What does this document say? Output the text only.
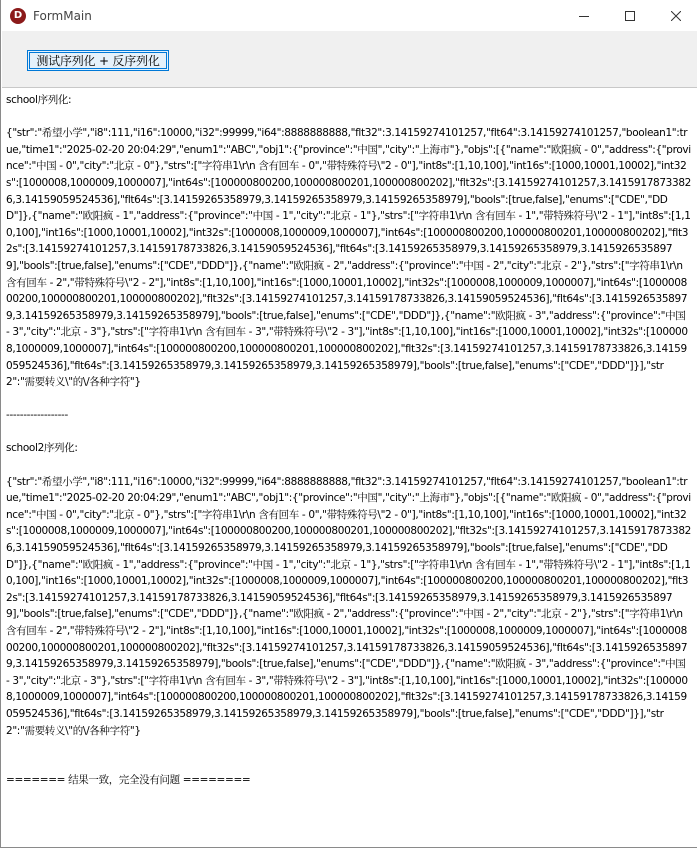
D FormMain
测试序列化 + 反序列化
school序列化:
{"str":"希望小学","i8":111,"i16":10000,"i32":99999,"i64":8888888888,"flt32":3.14159274101257,"flt64":3.14159274101257,"boolean1":true,"time1":"2025-02-20 20:04:29","enum1":"ABC","obj1":{"province":"中国","city":"上海市"},"objs":[{"name":"欧阳疯 - 0","address":{"province":"中国 - 0","city":"北京 - 0"},"strs":["字符串1\r\n 含有回车 - 0","带特殊符号\"2 - 0"],"int8s":[1,10,100],"int16s":[1000,10001,10002],"int32s":[1000008,1000009,1000007],"int64s":[100000800200,100000800201,100000800202],"flt32s":[3.14159274101257,3.14159178733826,3.14159059524536],"flt64s":[3.14159265358979,3.14159265358979,3.14159265358979],"bools":[true,false],"enums":["CDE","DDD"]},{"name":"欧阳疯 - 1","address":{"province":"中国 - 1","city":"北京 - 1"},"strs":["字符串1\r\n 含有回车 - 1","带特殊符号\"2 - 1"],"int8s":[1,10,100],"int16s":[1000,10001,10002],"int32s":[1000008,1000009,1000007],"int64s":[100000800200,100000800201,100000800202],"flt32s":[3.14159274101257,3.14159178733826,3.14159059524536],"flt64s":[3.14159265358979,3.14159265358979,3.14159265358979],"bools":[true,false],"enums":["CDE","DDD"]},{"name":"欧阳疯 - 2","address":{"province":"中国 - 2","city":"北京 - 2"},"strs":["字符串1\r\n 含有回车 - 2","带特殊符号\"2 - 2"],"int8s":[1,10,100],"int16s":[1000,10001,10002],"int32s":[1000008,1000009,1000007],"int64s":[100000800200,100000800201,100000800202],"flt32s":[3.14159274101257,3.14159178733826,3.14159059524536],"flt64s":[3.14159265358979,3.14159265358979,3.14159265358979],"bools":[true,false],"enums":["CDE","DDD"]},{"name":"欧阳疯 - 3","address":{"province":"中国 - 3","city":"北京 - 3"},"strs":["字符串1\r\n 含有回车 - 3","带特殊符号\"2 - 3"],"int8s":[1,10,100],"int16s":[1000,10001,10002],"int32s":[1000008,1000009,1000007],"int64s":[100000800200,100000800201,100000800202],"flt32s":[3.14159274101257,3.14159178733826,3.14159059524536],"flt64s":[3.14159265358979,3.14159265358979,3.14159265358979],"bools":[true,false],"enums":["CDE","DDD"]}],"str2":"需要转义\"的\/各种字符"}
------------------
school2序列化:
{"str":"希望小学","i8":111,"i16":10000,"i32":99999,"i64":8888888888,"flt32":3.14159274101257,"flt64":3.14159274101257,"boolean1":true,"time1":"2025-02-20 20:04:29","enum1":"ABC","obj1":{"province":"中国","city":"上海市"},"objs":[{"name":"欧阳疯 - 0","address":{"province":"中国 - 0","city":"北京 - 0"},"strs":["字符串1\r\n 含有回车 - 0","带特殊符号\"2 - 0"],"int8s":[1,10,100],"int16s":[1000,10001,10002],"int32s":[1000008,1000009,1000007],"int64s":[100000800200,100000800201,100000800202],"flt32s":[3.14159274101257,3.14159178733826,3.14159059524536],"flt64s":[3.14159265358979,3.14159265358979,3.14159265358979],"bools":[true,false],"enums":["CDE","DDD"]},{"name":"欧阳疯 - 1","address":{"province":"中国 - 1","city":"北京 - 1"},"strs":["字符串1\r\n 含有回车 - 1","带特殊符号\"2 - 1"],"int8s":[1,10,100],"int16s":[1000,10001,10002],"int32s":[1000008,1000009,1000007],"int64s":[100000800200,100000800201,100000800202],"flt32s":[3.14159274101257,3.14159178733826,3.14159059524536],"flt64s":[3.14159265358979,3.14159265358979,3.14159265358979],"bools":[true,false],"enums":["CDE","DDD"]},{"name":"欧阳疯 - 2","address":{"province":"中国 - 2","city":"北京 - 2"},"strs":["字符串1\r\n 含有回车 - 2","带特殊符号\"2 - 2"],"int8s":[1,10,100],"int16s":[1000,10001,10002],"int32s":[1000008,1000009,1000007],"int64s":[100000800200,100000800201,100000800202],"flt32s":[3.14159274101257,3.14159178733826,3.14159059524536],"flt64s":[3.14159265358979,3.14159265358979,3.14159265358979],"bools":[true,false],"enums":["CDE","DDD"]},{"name":"欧阳疯 - 3","address":{"province":"中国 - 3","city":"北京 - 3"},"strs":["字符串1\r\n 含有回车 - 3","带特殊符号\"2 - 3"],"int8s":[1,10,100],"int16s":[1000,10001,10002],"int32s":[1000008,1000009,1000007],"int64s":[100000800200,100000800201,100000800202],"flt32s":[3.14159274101257,3.14159178733826,3.14159059524536],"flt64s":[3.14159265358979,3.14159265358979,3.14159265358979],"bools":[true,false],"enums":["CDE","DDD"]}],"str2":"需要转义\"的\/各种字符"}
======= 结果一致，完全没有问题 ========
